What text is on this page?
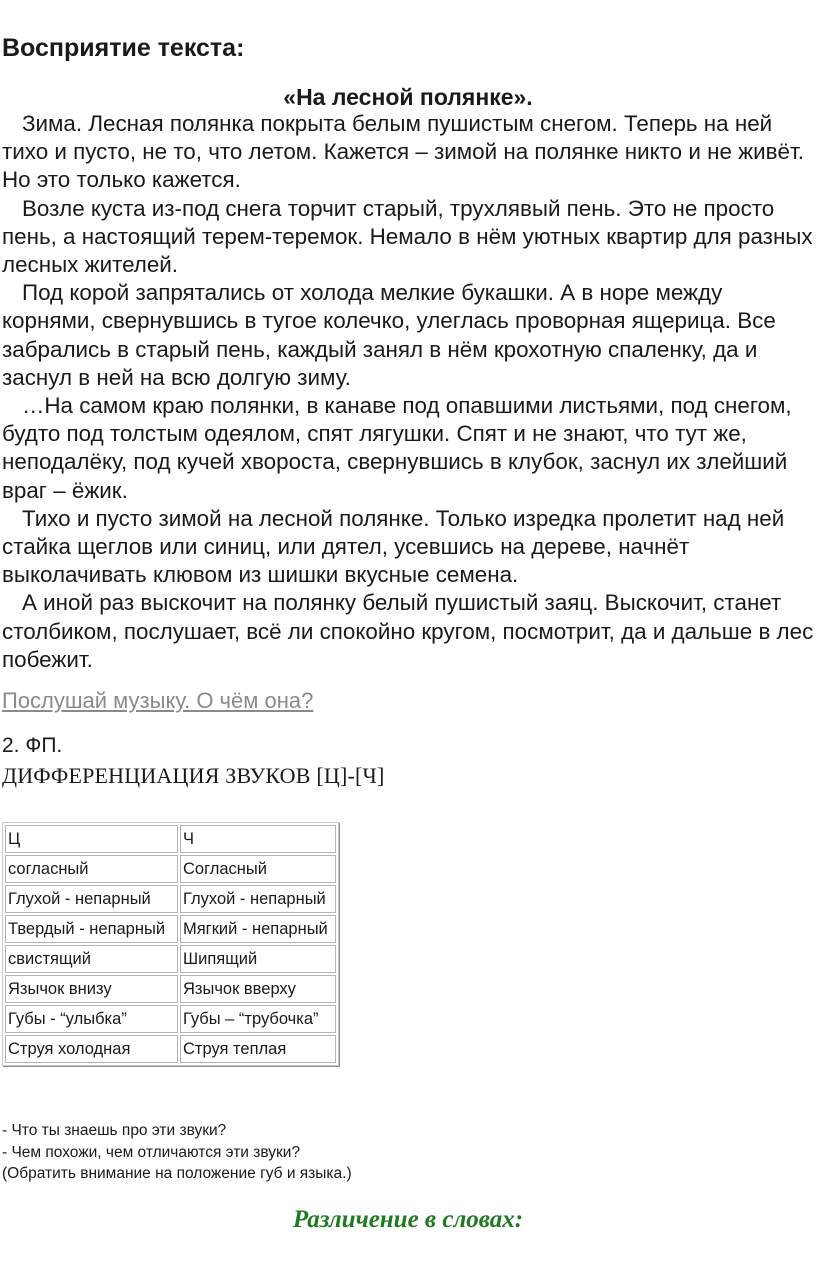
Восприятие текста:
«На лесной полянке».

Зима. Лесная полянка покрыта белым пушистым снегом. Теперь на ней тихо и пусто, не то, что летом. Кажется – зимой на полянке никто и не живёт. Но это только кажется.

Возле куста из-под снега торчит старый, трухлявый пень. Это не просто пень, а настоящий терем-теремок. Немало в нём уютных квартир для разных лесных жителей.

Под корой запрятались от холода мелкие букашки. А в норе между корнями, свернувшись в тугое колечко, улеглась проворная ящерица. Все забрались в старый пень, каждый занял в нём крохотную спаленку, да и заснул в ней на всю долгую зиму.

…На самом краю полянки, в канаве под опавшими листьями, под снегом, будто под толстым одеялом, спят лягушки. Спят и не знают, что тут же, неподалёку, под кучей хвороста, свернувшись в клубок, заснул их злейший враг – ёжик.

Тихо и пусто зимой на лесной полянке. Только изредка пролетит над ней стайка щеглов или синиц, или дятел, усевшись на дереве, начнёт выколачивать клювом из шишки вкусные семена.

А иной раз выскочит на полянку белый пушистый заяц. Выскочит, станет столбиком, послушает, всё ли спокойно кругом, посмотрит, да и дальше в лес побежит.

Послушай музыку. О чём она?
2. ФП.
ДИФФЕРЕНЦИАЦИЯ ЗВУКОВ [Ц]-[Ч]
Ц	Ч
согласный	Согласный
Глухой - непарный	Глухой - непарный
Твердый - непарный	Мягкий - непарный
свистящий	Шипящий
Язычок внизу	Язычок вверху
Губы - “улыбка”	Губы – “трубочка”
Струя холодная	Струя теплая
- Что ты знаешь про эти звуки?
- Чем похожи, чем отличаются эти звуки?
(Обратить внимание на положение губ и языка.)
Различение в словах:
